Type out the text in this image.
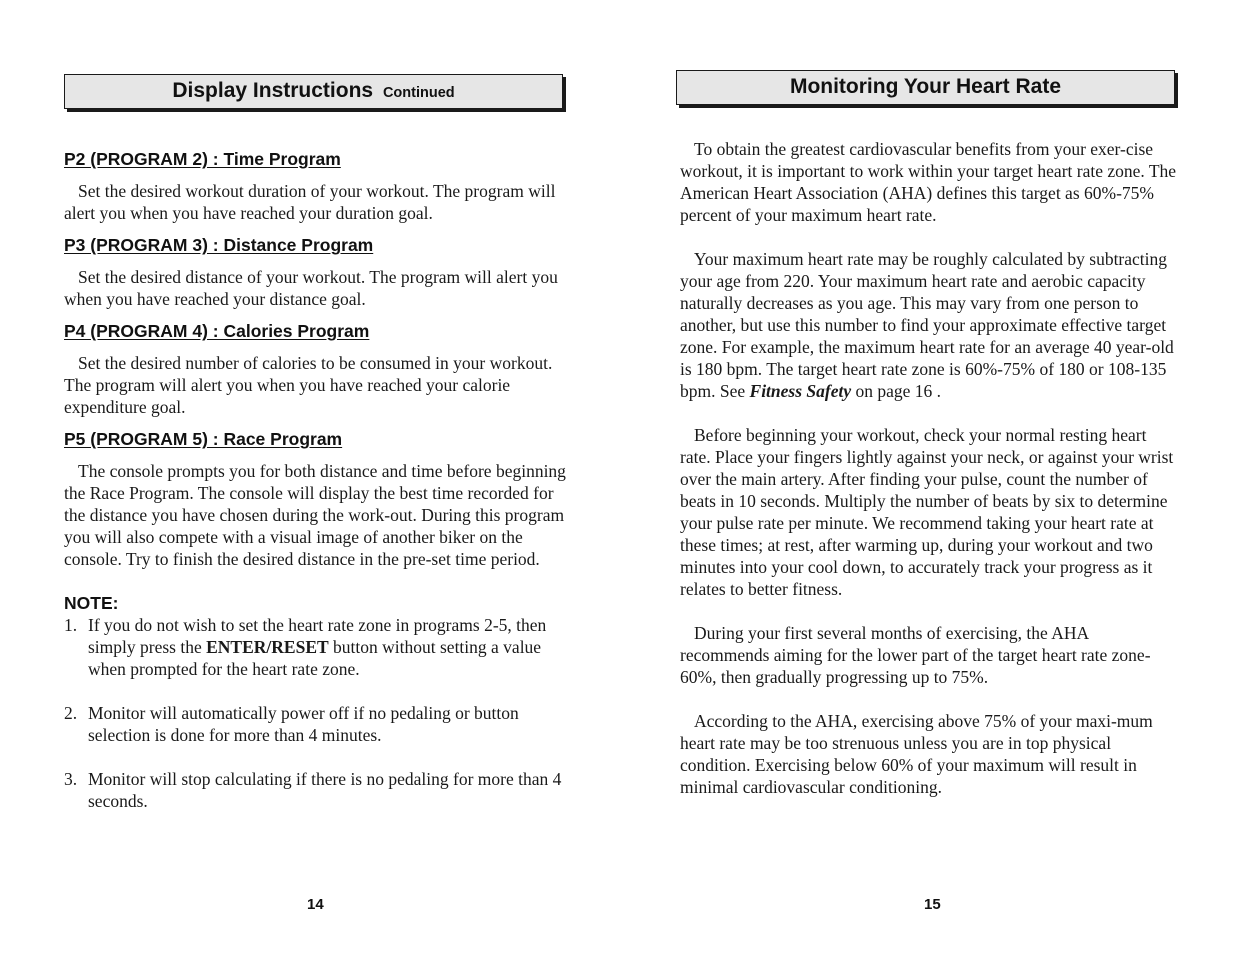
Display Instructions Continued
P2 (PROGRAM 2) : Time Program
Set the desired workout duration of your workout. The program will alert you when you have reached your duration goal.
P3 (PROGRAM 3) : Distance Program
Set the desired distance of your workout. The program will alert you when you have reached your distance goal.
P4 (PROGRAM 4) : Calories Program
Set the desired number of calories to be consumed in your workout. The program will alert you when you have reached your calorie expenditure goal.
P5 (PROGRAM 5) : Race Program
The console prompts you for both distance and time before beginning the Race Program. The console will display the best time recorded for the distance you have chosen during the work-out. During this program you will also compete with a visual image of another biker on the console. Try to finish the desired distance in the pre-set time period.
NOTE:
1. If you do not wish to set the heart rate zone in programs 2-5, then simply press the ENTER/RESET button without setting a value when prompted for the heart rate zone.
2. Monitor will automatically power off if no pedaling or button selection is done for more than 4 minutes.
3. Monitor will stop calculating if there is no pedaling for more than 4 seconds.
14
Monitoring Your Heart Rate
To obtain the greatest cardiovascular benefits from your exer-cise workout, it is important to work within your target heart rate zone. The American Heart Association (AHA) defines this target as 60%-75% percent of your maximum heart rate.
Your maximum heart rate may be roughly calculated by subtracting your age from 220. Your maximum heart rate and aerobic capacity naturally decreases as you age. This may vary from one person to another, but use this number to find your approximate effective target zone. For example, the maximum heart rate for an average 40 year-old is 180 bpm. The target heart rate zone is 60%-75% of 180 or 108-135 bpm. See Fitness Safety on page 16 .
Before beginning your workout, check your normal resting heart rate. Place your fingers lightly against your neck, or against your wrist over the main artery. After finding your pulse, count the number of beats in 10 seconds. Multiply the number of beats by six to determine your pulse rate per minute. We recommend taking your heart rate at these times; at rest, after warming up, during your workout and two minutes into your cool down, to accurately track your progress as it relates to better fitness.
During your first several months of exercising, the AHA recommends aiming for the lower part of the target heart rate zone- 60%, then gradually progressing up to 75%.
According to the AHA, exercising above 75% of your maxi-mum heart rate may be too strenuous unless you are in top physical condition. Exercising below 60% of your maximum will result in minimal cardiovascular conditioning.
15
